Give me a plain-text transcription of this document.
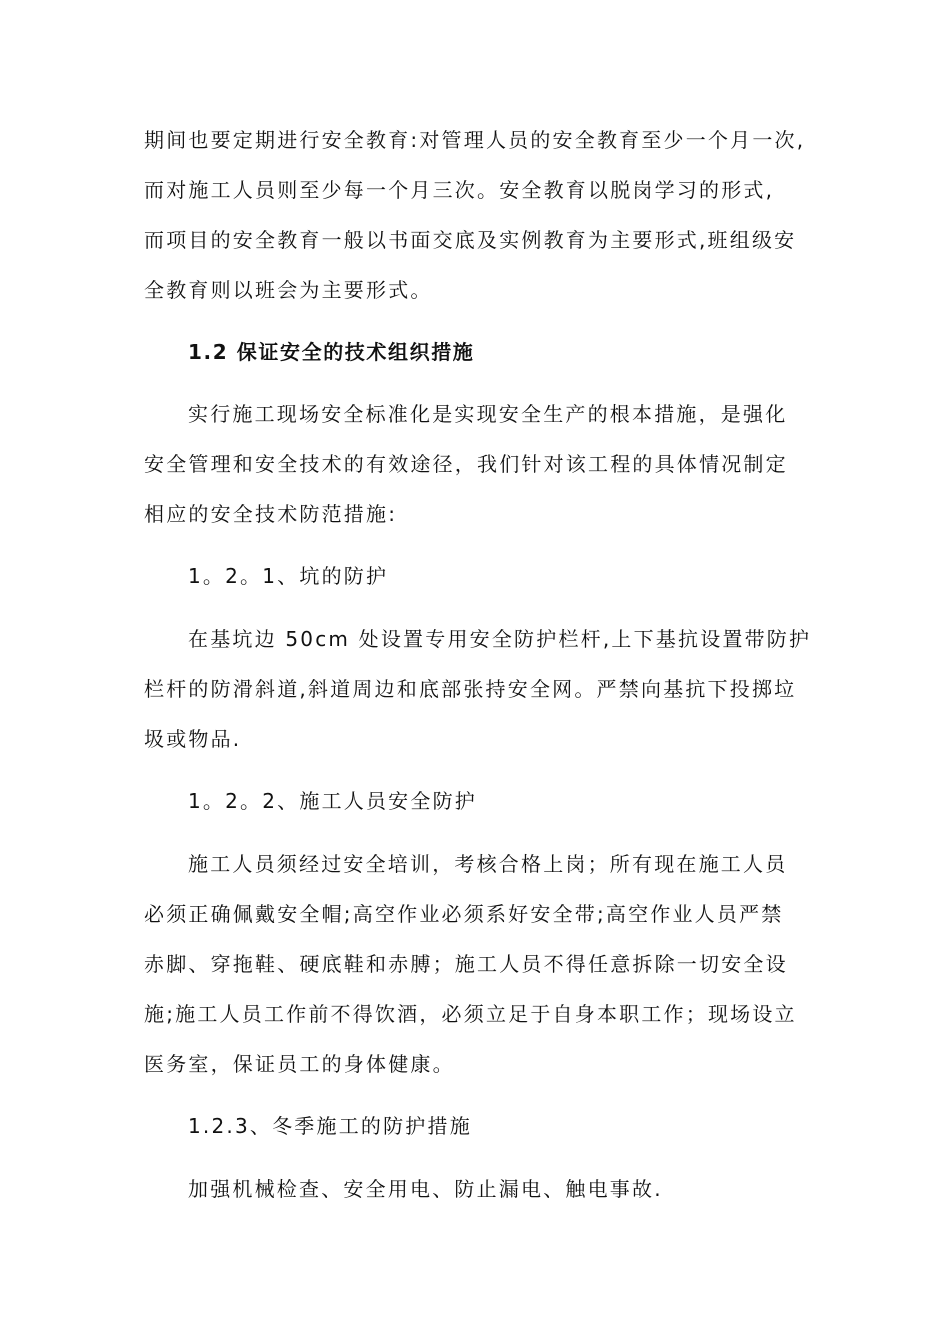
期间也要定期进行安全教育:对管理人员的安全教育至少一个月一次,
而对施工人员则至少每一个月三次。安全教育以脱岗学习的形式,
而项目的安全教育一般以书面交底及实例教育为主要形式,班组级安
全教育则以班会为主要形式。
1.2 保证安全的技术组织措施
实行施工现场安全标准化是实现安全生产的根本措施，是强化
安全管理和安全技术的有效途径，我们针对该工程的具体情况制定
相应的安全技术防范措施:
1。2。1、坑的防护
在基坑边 50cm 处设置专用安全防护栏杆,上下基抗设置带防护
栏杆的防滑斜道,斜道周边和底部张持安全网。严禁向基抗下投掷垃
圾或物品.
1。2。2、施工人员安全防护
施工人员须经过安全培训，考核合格上岗；所有现在施工人员
必须正确佩戴安全帽;高空作业必须系好安全带;高空作业人员严禁
赤脚、穿拖鞋、硬底鞋和赤膊；施工人员不得任意拆除一切安全设
施;施工人员工作前不得饮酒，必须立足于自身本职工作；现场设立
医务室，保证员工的身体健康。
1.2.3、冬季施工的防护措施
加强机械检查、安全用电、防止漏电、触电事故.
